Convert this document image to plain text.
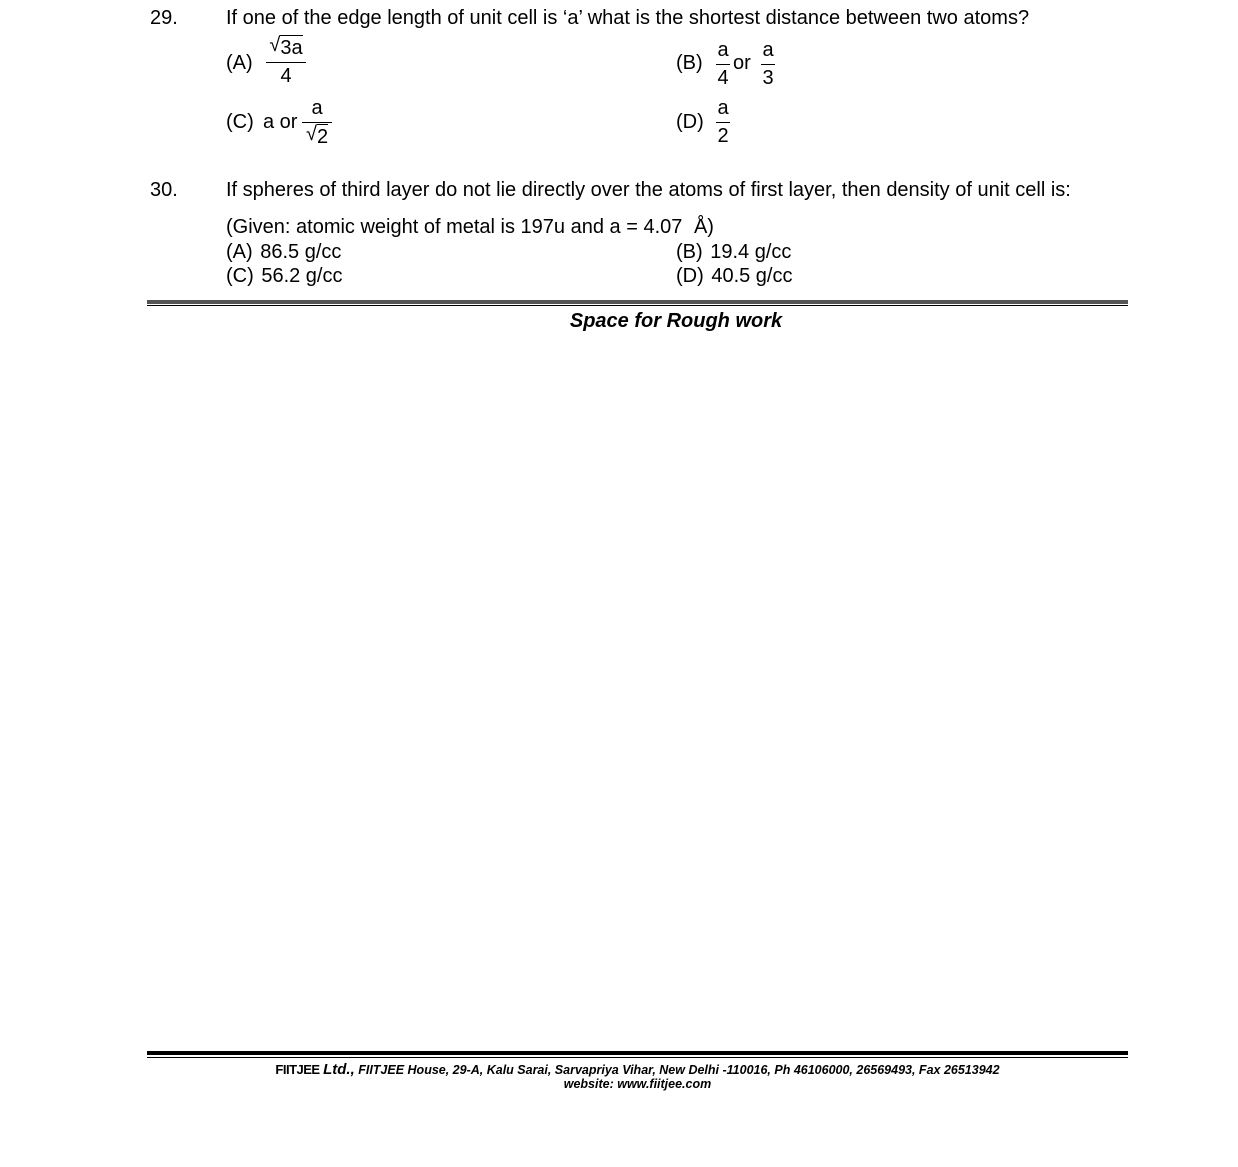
29. If one of the edge length of unit cell is ‘a’ what is the shortest distance between two atoms?
(A)
√ 3a
4
(B)
a
4
or
a
3
(C) a or
a
√ 2
(D)
a
2
30. If spheres of third layer do not lie directly over the atoms of first layer, then density of unit cell is:
(Given: atomic weight of metal is 197u and a = 4.07 Å)
(A) 86.5 g/cc	(B) 19.4 g/cc
(C) 56.2 g/cc	(D) 40.5 g/cc
Space for Rough work
FIITJEE Ltd., FIITJEE House, 29-A, Kalu Sarai, Sarvapriya Vihar, New Delhi -110016, Ph 46106000, 26569493, Fax 26513942
website: www.fiitjee.com
